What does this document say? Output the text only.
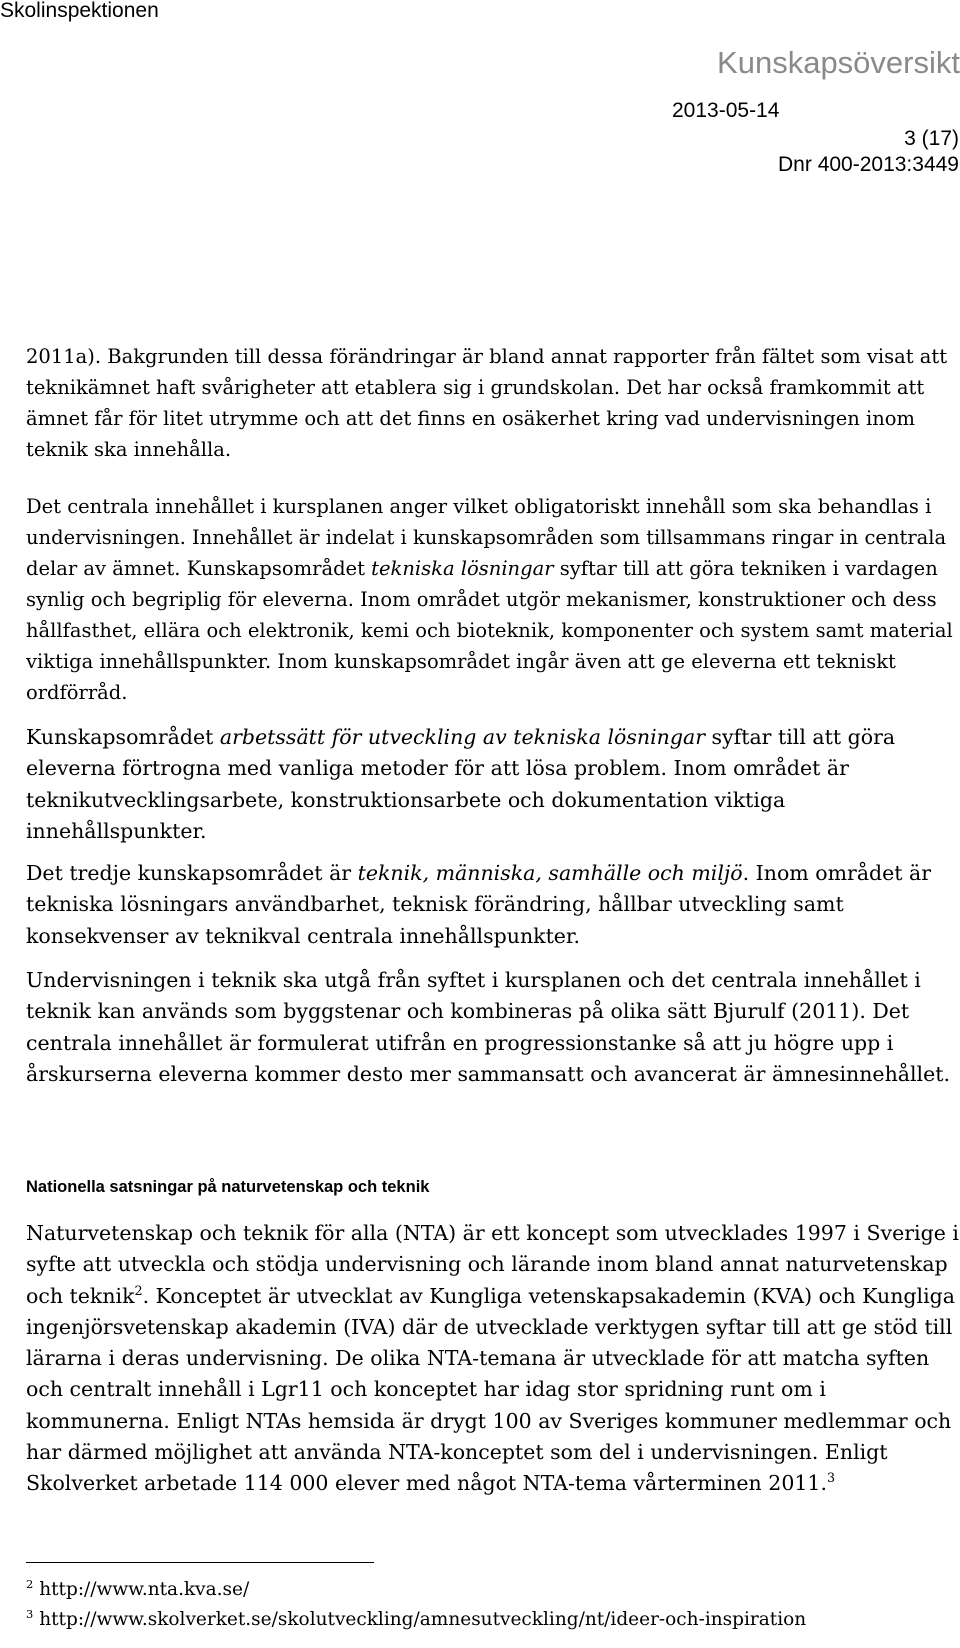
Skolinspektionen
Kunskapsöversikt
2013-05-14
3 (17)
Dnr 400-2013:3449

2011a). Bakgrunden till dessa förändringar är bland annat rapporter från fältet som visat att teknikämnet haft svårigheter att etablera sig i grundskolan. Det har också framkommit att ämnet får för litet utrymme och att det finns en osäkerhet kring vad undervisningen inom teknik ska innehålla.

Det centrala innehållet i kursplanen anger vilket obligatoriskt innehåll som ska behandlas i undervisningen. Innehållet är indelat i kunskapsområden som tillsammans ringar in centrala delar av ämnet. Kunskapsområdet tekniska lösningar syftar till att göra tekniken i vardagen synlig och begriplig för eleverna. Inom området utgör mekanismer, konstruktioner och dess hållfasthet, ellära och elektronik, kemi och bioteknik, komponenter och system samt material viktiga innehållspunkter. Inom kunskapsområdet ingår även att ge eleverna ett tekniskt ordförråd.

Kunskapsområdet arbetssätt för utveckling av tekniska lösningar syftar till att göra eleverna förtrogna med vanliga metoder för att lösa problem. Inom området är teknikutvecklingsarbete, konstruktionsarbete och dokumentation viktiga innehållspunkter.

Det tredje kunskapsområdet är teknik, människa, samhälle och miljö. Inom området är tekniska lösningars användbarhet, teknisk förändring, hållbar utveckling samt konsekvenser av teknikval centrala innehållspunkter.

Undervisningen i teknik ska utgå från syftet i kursplanen och det centrala innehållet i teknik kan används som byggstenar och kombineras på olika sätt Bjurulf (2011). Det centrala innehållet är formulerat utifrån en progressionstanke så att ju högre upp i årskurserna eleverna kommer desto mer sammansatt och avancerat är ämnesinnehållet.

Nationella satsningar på naturvetenskap och teknik

Naturvetenskap och teknik för alla (NTA) är ett koncept som utvecklades 1997 i Sverige i syfte att utveckla och stödja undervisning och lärande inom bland annat naturvetenskap och teknik$^2$. Konceptet är utvecklat av Kungliga vetenskapsakademin (KVA) och Kungliga ingenjörsvetenskap akademin (IVA) där de utvecklade verktygen syftar till att ge stöd till lärarna i deras undervisning. De olika NTA-temana är utvecklade för att matcha syften och centralt innehåll i Lgr11 och konceptet har idag stor spridning runt om i kommunerna. Enligt NTAs hemsida är drygt 100 av Sveriges kommuner medlemmar och har därmed möjlighet att använda NTA-konceptet som del i undervisningen. Enligt Skolverket arbetade 114 000 elever med något NTA-tema vårterminen 2011.$^3$

$^2$ http://www.nta.kva.se/
$^3$ http://www.skolverket.se/skolutveckling/amnesutveckling/nt/ideer-och-inspiration
